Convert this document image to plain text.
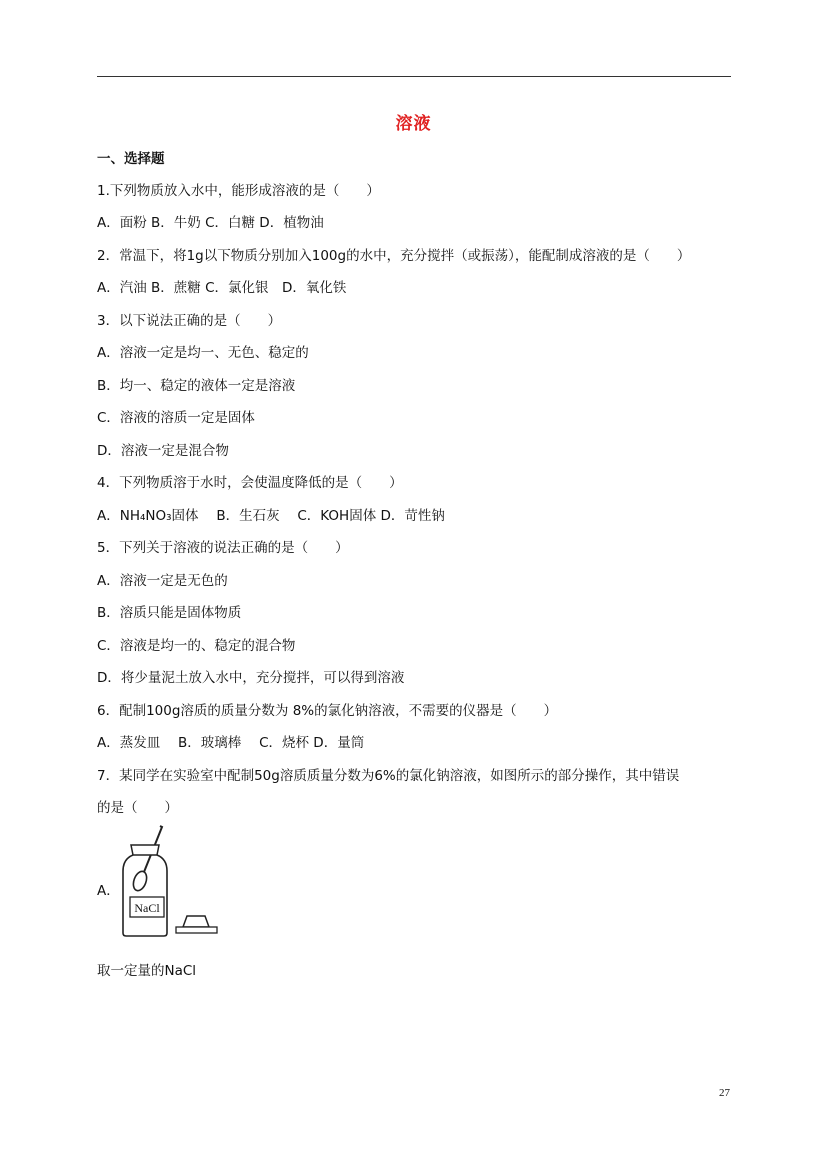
溶液
一、选择题
1.下列物质放入水中，能形成溶液的是（　　）
A．面粉 B．牛奶 C．白糖 D．植物油
2．常温下，将1g以下物质分别加入100g的水中，充分搅拌（或振荡），能配制成溶液的是（　　）
A．汽油 B．蔗糖 C．氯化银　D．氧化铁
3．以下说法正确的是（　　）
A．溶液一定是均一、无色、稳定的
B．均一、稳定的液体一定是溶液
C．溶液的溶质一定是固体
D．溶液一定是混合物
4．下列物质溶于水时，会使温度降低的是（　　）
A．NH₄NO₃固体　 B．生石灰　 C．KOH固体 D．苛性钠
5．下列关于溶液的说法正确的是（　　）
A．溶液一定是无色的
B．溶质只能是固体物质
C．溶液是均一的、稳定的混合物
D．将少量泥土放入水中，充分搅拌，可以得到溶液
6．配制100g溶质的质量分数为 8%的氯化钠溶液，不需要的仪器是（　　）
A．蒸发皿　 B．玻璃棒　 C．烧杯 D．量筒
7．某同学在实验室中配制50g溶质质量分数为6%的氯化钠溶液，如图所示的部分操作，其中错误
的是（　　）
A．
NaCl
取一定量的NaCl
27
